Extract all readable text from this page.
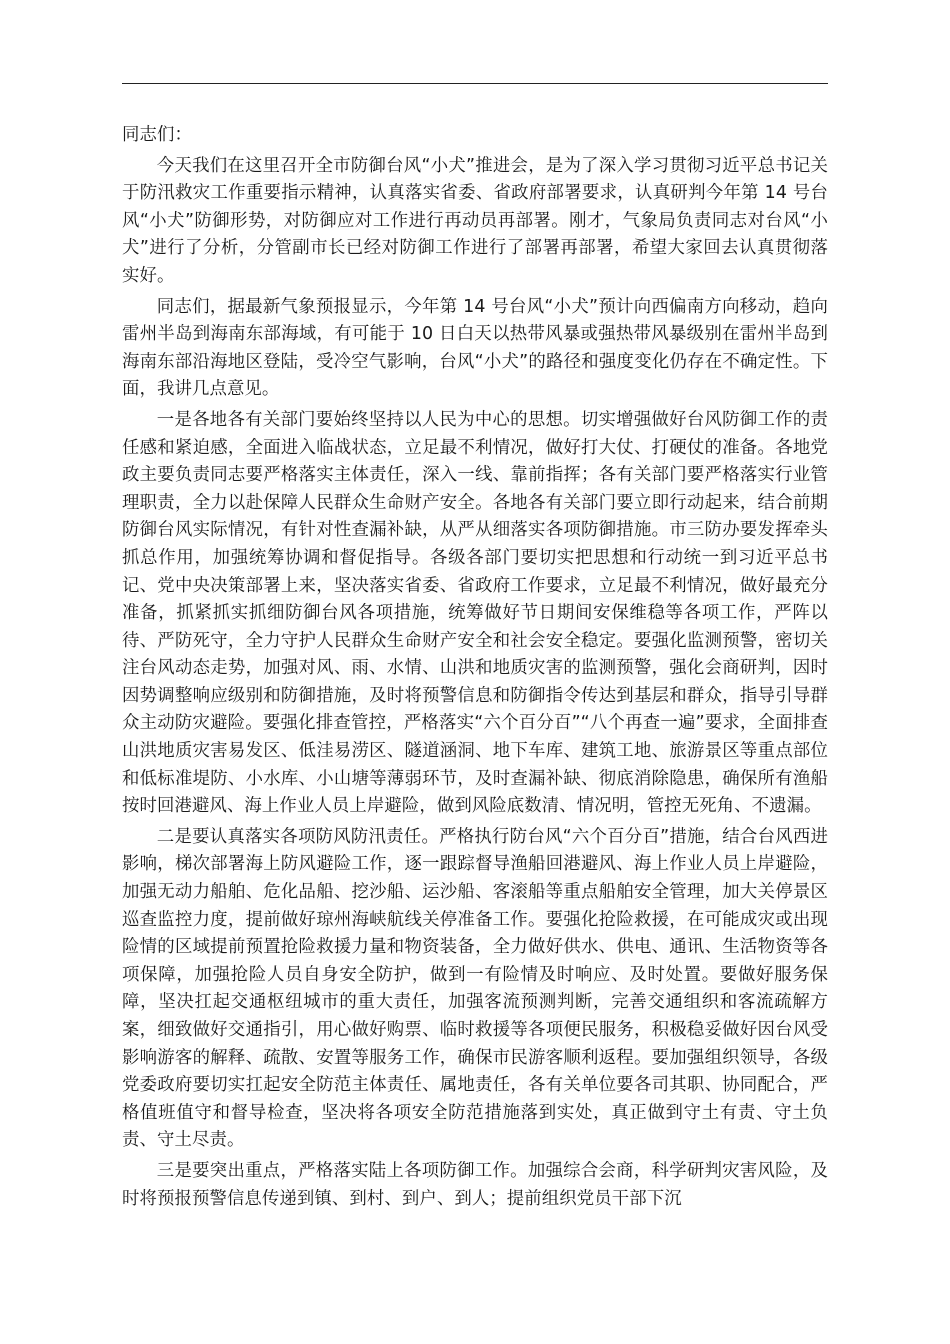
同志们：

今天我们在这里召开全市防御台风“小犬”推进会，是为了深入学习贯彻习近平总书记关于防汛救灾工作重要指示精神，认真落实省委、省政府部署要求，认真研判今年第 14 号台风“小犬”防御形势，对防御应对工作进行再动员再部署。刚才，气象局负责同志对台风“小犬”进行了分析，分管副市长已经对防御工作进行了部署再部署，希望大家回去认真贯彻落实好。

同志们，据最新气象预报显示，今年第 14 号台风“小犬”预计向西偏南方向移动，趋向雷州半岛到海南东部海域，有可能于 10 日白天以热带风暴或强热带风暴级别在雷州半岛到海南东部沿海地区登陆，受冷空气影响，台风“小犬”的路径和强度变化仍存在不确定性。下面，我讲几点意见。

一是各地各有关部门要始终坚持以人民为中心的思想。切实增强做好台风防御工作的责任感和紧迫感，全面进入临战状态，立足最不利情况，做好打大仗、打硬仗的准备。各地党政主要负责同志要严格落实主体责任，深入一线、靠前指挥；各有关部门要严格落实行业管理职责，全力以赴保障人民群众生命财产安全。各地各有关部门要立即行动起来，结合前期防御台风实际情况，有针对性查漏补缺，从严从细落实各项防御措施。市三防办要发挥牵头抓总作用，加强统筹协调和督促指导。各级各部门要切实把思想和行动统一到习近平总书记、党中央决策部署上来，坚决落实省委、省政府工作要求，立足最不利情况，做好最充分准备，抓紧抓实抓细防御台风各项措施，统筹做好节日期间安保维稳等各项工作，严阵以待、严防死守，全力守护人民群众生命财产安全和社会安全稳定。要强化监测预警，密切关注台风动态走势，加强对风、雨、水情、山洪和地质灾害的监测预警，强化会商研判，因时因势调整响应级别和防御措施，及时将预警信息和防御指令传达到基层和群众，指导引导群众主动防灾避险。要强化排查管控，严格落实“六个百分百”“八个再查一遍”要求，全面排查山洪地质灾害易发区、低洼易涝区、隧道涵洞、地下车库、建筑工地、旅游景区等重点部位和低标准堤防、小水库、小山塘等薄弱环节，及时查漏补缺、彻底消除隐患，确保所有渔船按时回港避风、海上作业人员上岸避险，做到风险底数清、情况明，管控无死角、不遗漏。

二是要认真落实各项防风防汛责任。严格执行防台风“六个百分百”措施，结合台风西进影响，梯次部署海上防风避险工作，逐一跟踪督导渔船回港避风、海上作业人员上岸避险，加强无动力船舶、危化品船、挖沙船、运沙船、客滚船等重点船舶安全管理，加大关停景区巡查监控力度，提前做好琼州海峡航线关停准备工作。要强化抢险救援，在可能成灾或出现险情的区域提前预置抢险救援力量和物资装备，全力做好供水、供电、通讯、生活物资等各项保障，加强抢险人员自身安全防护，做到一有险情及时响应、及时处置。要做好服务保障，坚决扛起交通枢纽城市的重大责任，加强客流预测判断，完善交通组织和客流疏解方案，细致做好交通指引，用心做好购票、临时救援等各项便民服务，积极稳妥做好因台风受影响游客的解释、疏散、安置等服务工作，确保市民游客顺利返程。要加强组织领导，各级党委政府要切实扛起安全防范主体责任、属地责任，各有关单位要各司其职、协同配合，严格值班值守和督导检查，坚决将各项安全防范措施落到实处，真正做到守土有责、守土负责、守土尽责。

三是要突出重点，严格落实陆上各项防御工作。加强综合会商，科学研判灾害风险，及时将预报预警信息传递到镇、到村、到户、到人；提前组织党员干部下沉
